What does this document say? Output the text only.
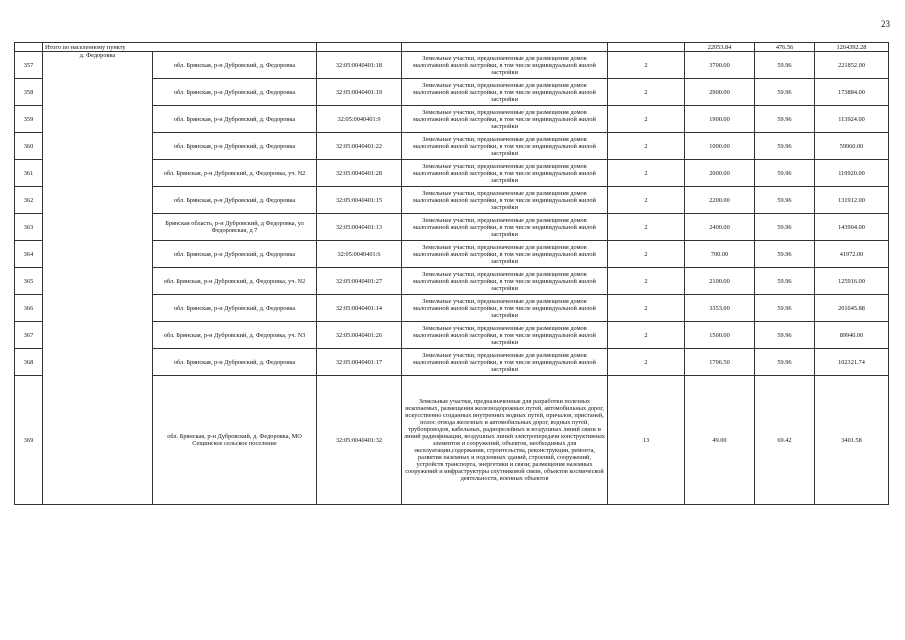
23
	Итого по населенному пункту					22053.84	476.56	1264392.28
357	д. Федоровка	обл. Брянская, р-н Дубровский, д. Федоровка	32:05:0040401:18	Земельные участки, предназначенные для размещения домов малоэтажной жилой застройки, в том числе индивидуальной жилой застройки	2	3700.00	59.96	221852.00
358		обл. Брянская, р-н Дубровский, д. Федоровка	32:05:0040401:19	Земельные участки, предназначенные для размещения домов малоэтажной жилой застройки, в том числе индивидуальной жилой застройки	2	2900.00	59.96	173884.00
359		обл. Брянская, р-н Дубровский, д. Федоровка	32:05:0040401:9	Земельные участки, предназначенные для размещения домов малоэтажной жилой застройки, в том числе индивидуальной жилой застройки	2	1900.00	59.96	113924.00
360		обл. Брянская, р-н Дубровский, д. Федоровка	32:05:0040401:22	Земельные участки, предназначенные для размещения домов малоэтажной жилой застройки, в том числе индивидуальной жилой застройки	2	1000.00	59.96	59960.00
361		обл. Брянская, р-н Дубровский, д. Федоровка, уч. N2	32:05:0040401:28	Земельные участки, предназначенные для размещения домов малоэтажной жилой застройки, в том числе индивидуальной жилой застройки	2	2000.00	59.96	119920.00
362		обл. Брянская, р-н Дубровский, д. Федоровка	32:05:0040401:15	Земельные участки, предназначенные для размещения домов малоэтажной жилой застройки, в том числе индивидуальной жилой застройки	2	2200.00	59.96	131912.00
363		Брянская область, р-н Дубровский, д Федоровка, ул Федоровская, д 7	32:05:0040401:13	Земельные участки, предназначенные для размещения домов малоэтажной жилой застройки, в том числе индивидуальной жилой застройки	2	2400.00	59.96	143904.00
364		обл. Брянская, р-н Дубровский, д. Федоровка	32:05:0040401:6	Земельные участки, предназначенные для размещения домов малоэтажной жилой застройки, в том числе индивидуальной жилой застройки	2	700.00	59.96	41972.00
365		обл. Брянская, р-н Дубровский, д. Федоровка, уч. N2	32:05:0040401:27	Земельные участки, предназначенные для размещения домов малоэтажной жилой застройки, в том числе индивидуальной жилой застройки	2	2100.00	59.96	125916.00
366		обл. Брянская, р-н Дубровский, д. Федоровка	32:05:0040401:14	Земельные участки, предназначенные для размещения домов малоэтажной жилой застройки, в том числе индивидуальной жилой застройки	2	3353.00	59.96	201045.88
367		обл. Брянская, р-н Дубровский, д. Федоровка, уч. N3	32:05:0040401:26	Земельные участки, предназначенные для размещения домов малоэтажной жилой застройки, в том числе индивидуальной жилой застройки	2	1500.00	59.96	89940.00
368		обл. Брянская, р-н Дубровский, д. Федоровка	32:05:0040401:17	Земельные участки, предназначенные для размещения домов малоэтажной жилой застройки, в том числе индивидуальной жилой застройки	2	1706.50	59.96	102321.74
369		обл. Брянская, р-н Дубровский, д. Федоровка, МО Сещинское сельское поселение	32:05:0040401:32	Земельные участки, предназначенные для разработки полезных ископаемых, размещения железнодорожных путей, автомобильных дорог, искусственно созданных внутренних водных путей, причалов, пристаней, полос отвода железных и автомобильных дорог, водных путей, трубопроводов, кабельных, радиорелейных и воздушных линий связи и линий радиофикации, воздушных линий электропередачи конструктивных элементов и сооружений, объектов, необходимых для эксплуатации,содержания, строительства, реконструкции, ремонта, развития наземных и подземных зданий, строений, сооружений, устройств транспорта, энергетики и связи; размещения наземных сооружений и инфраструктуры спутниковой связи, объектов космической деятельности, военных объектов	13	49.00	69.42	3401.58
